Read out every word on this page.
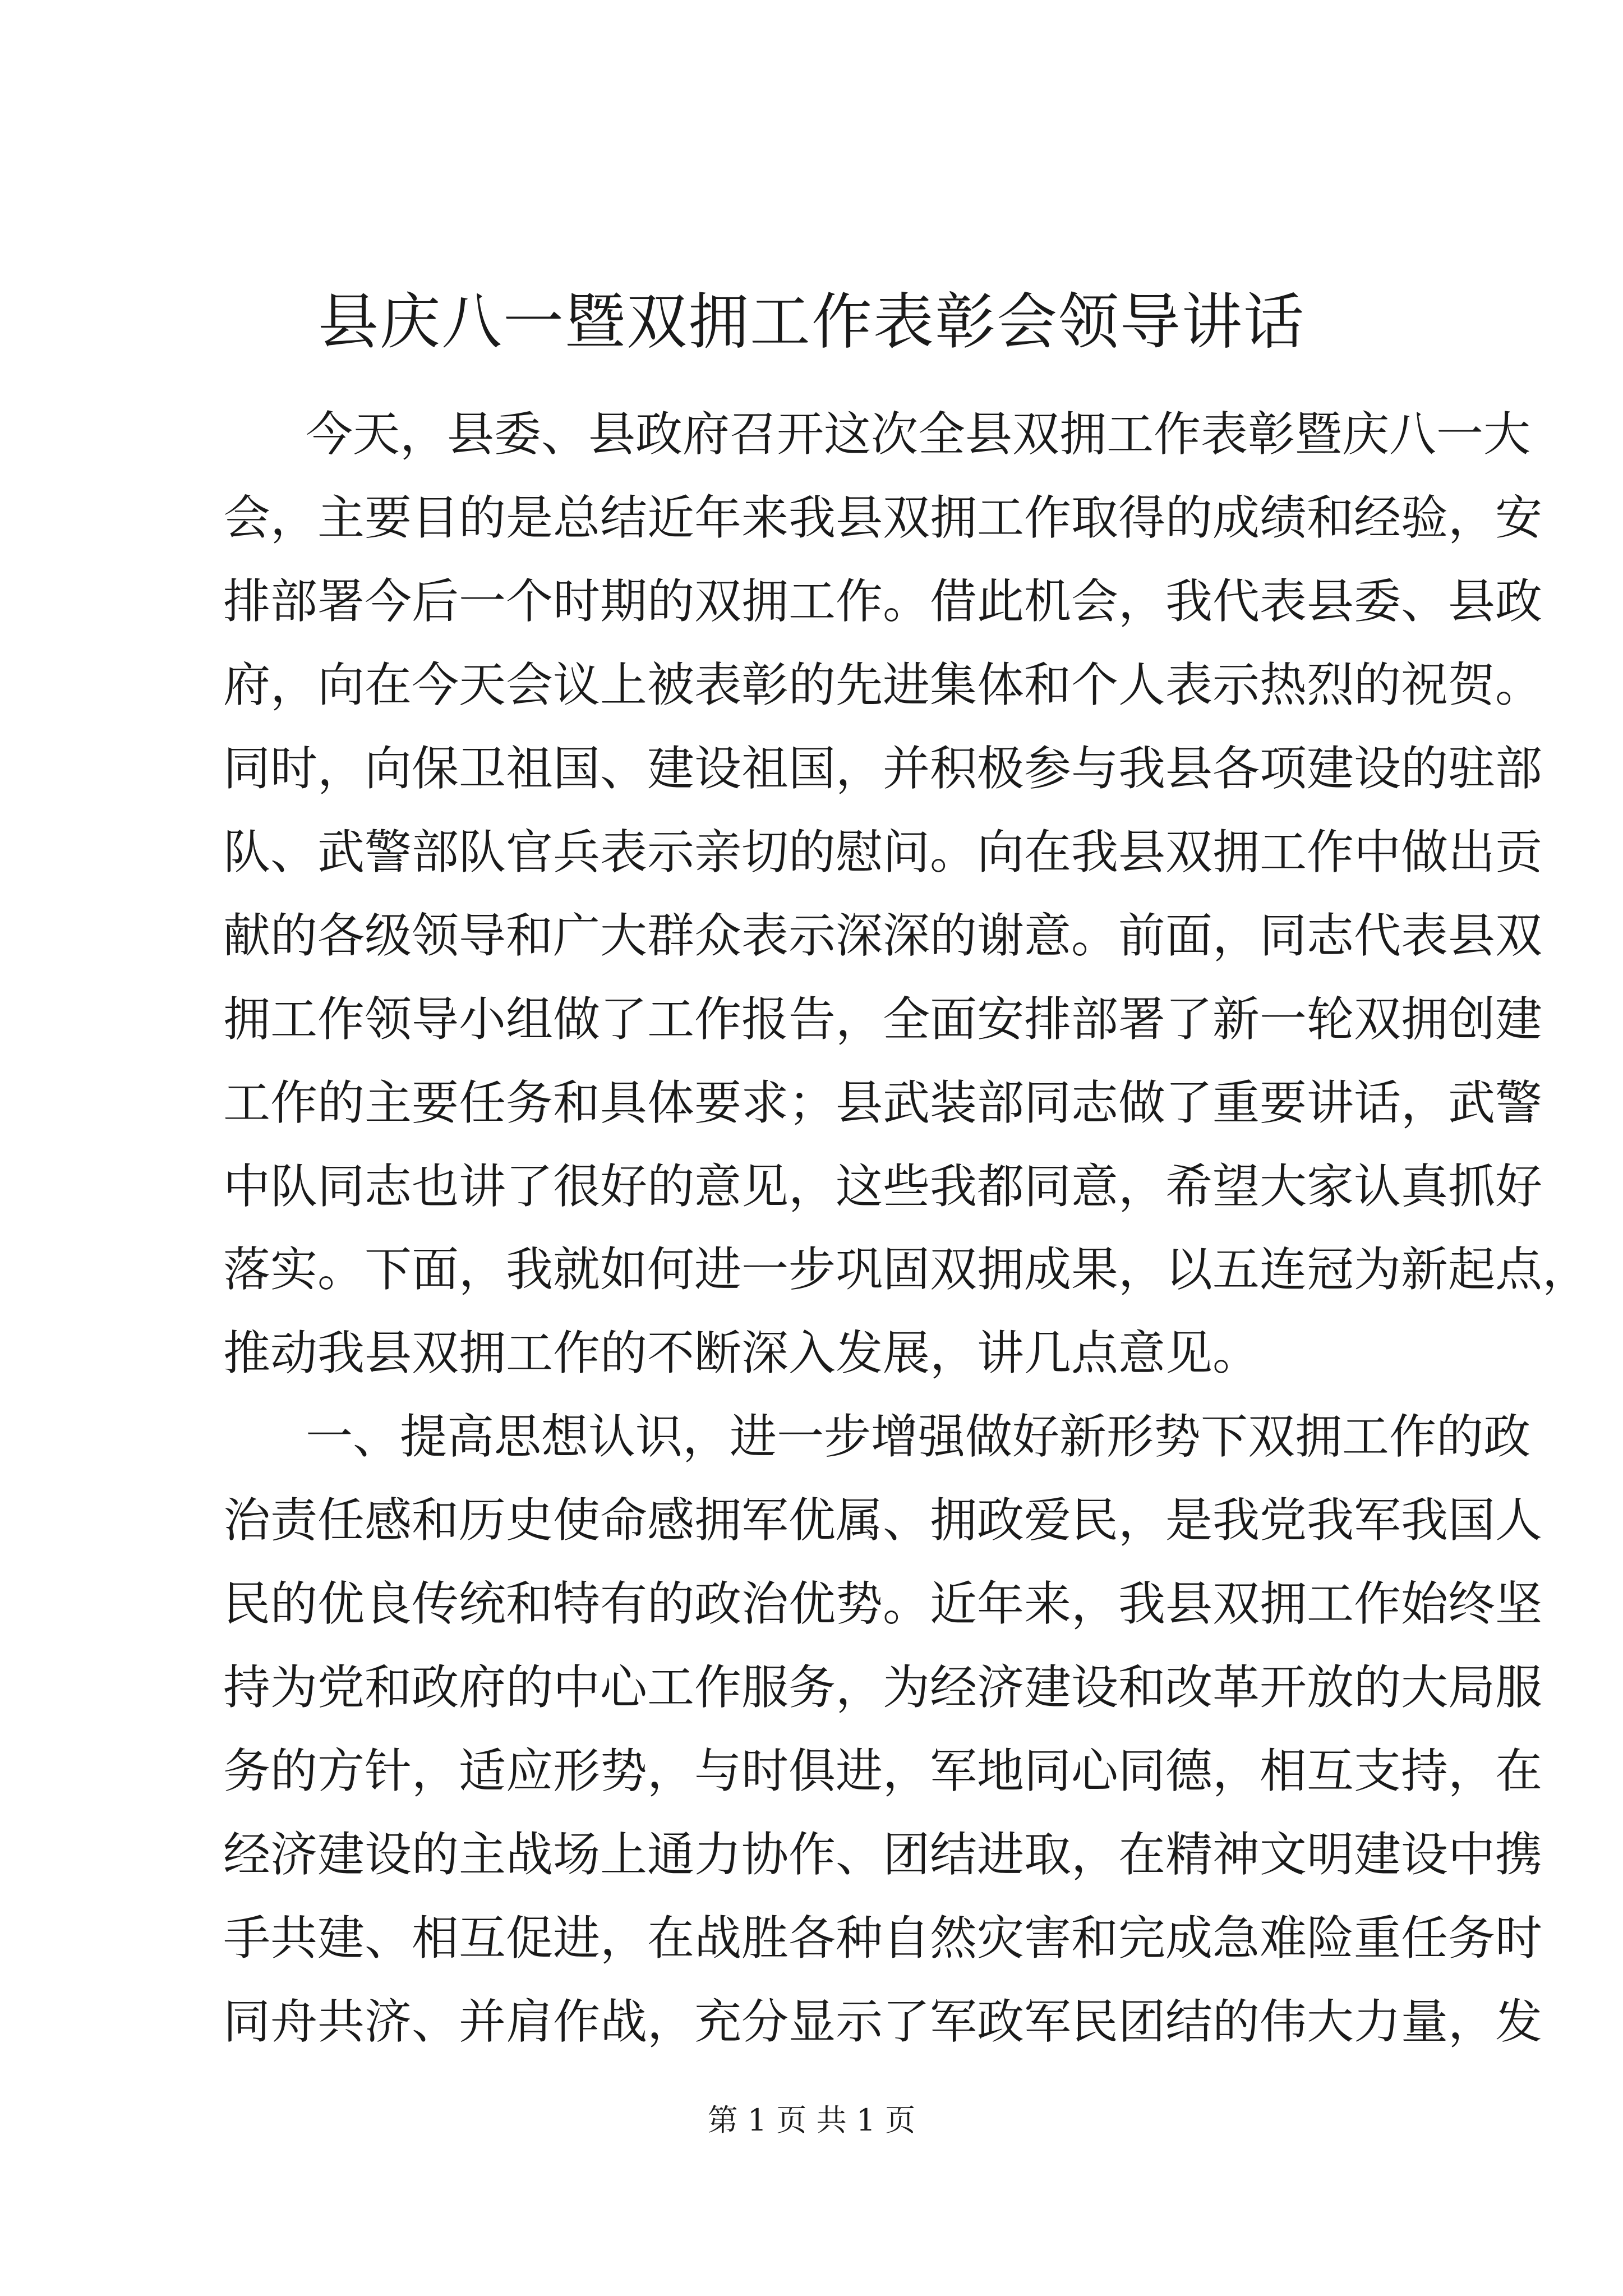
县庆八一暨双拥工作表彰会领导讲话
今天，县委、县政府召开这次全县双拥工作表彰暨庆八一大
会，主要目的是总结近年来我县双拥工作取得的成绩和经验，安
排部署今后一个时期的双拥工作。借此机会，我代表县委、县政
府，向在今天会议上被表彰的先进集体和个人表示热烈的祝贺。
同时，向保卫祖国、建设祖国，并积极参与我县各项建设的驻部
队、武警部队官兵表示亲切的慰问。向在我县双拥工作中做出贡
献的各级领导和广大群众表示深深的谢意。前面，同志代表县双
拥工作领导小组做了工作报告，全面安排部署了新一轮双拥创建
工作的主要任务和具体要求；县武装部同志做了重要讲话，武警
中队同志也讲了很好的意见，这些我都同意，希望大家认真抓好
落实。下面，我就如何进一步巩固双拥成果，以五连冠为新起点，
推动我县双拥工作的不断深入发展，讲几点意见。
一、提高思想认识，进一步增强做好新形势下双拥工作的政
治责任感和历史使命感拥军优属、拥政爱民，是我党我军我国人
民的优良传统和特有的政治优势。近年来，我县双拥工作始终坚
持为党和政府的中心工作服务，为经济建设和改革开放的大局服
务的方针，适应形势，与时俱进，军地同心同德，相互支持，在
经济建设的主战场上通力协作、团结进取，在精神文明建设中携
手共建、相互促进，在战胜各种自然灾害和完成急难险重任务时
同舟共济、并肩作战，充分显示了军政军民团结的伟大力量，发
第 1 页 共 1 页
